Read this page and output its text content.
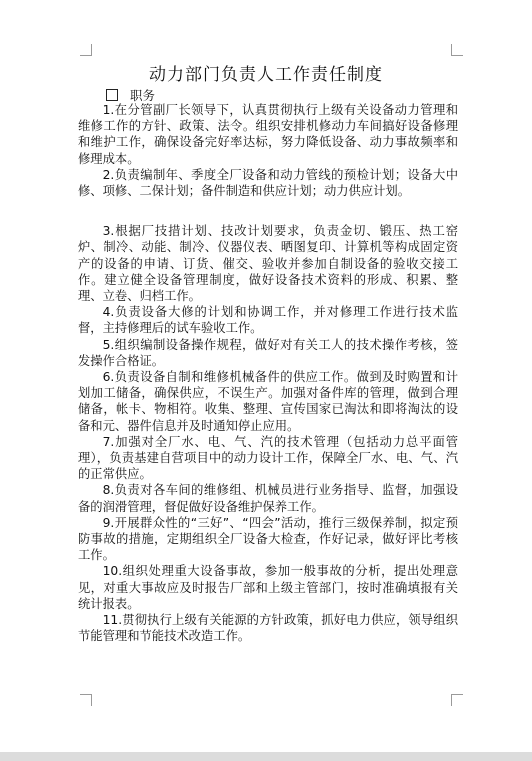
动力部门负责人工作责任制度
职务

1.在分管副厂长领导下，认真贯彻执行上级有关设备动力管理和维修工作的方针、政策、法令。组织安排机修动力车间搞好设备修理和维护工作，确保设备完好率达标，努力降低设备、动力事故频率和修理成本。

2.负责编制年、季度全厂设备和动力管线的预检计划；设备大中修、项修、二保计划；备件制造和供应计划；动力供应计划。

3.根据厂技措计划、技改计划要求，负责金切、锻压、热工窑炉、制冷、动能、制冷、仪器仪表、晒图复印、计算机等构成固定资产的设备的申请、订货、催交、验收并参加自制设备的验收交接工作。建立健全设备管理制度，做好设备技术资料的形成、积累、整理、立卷、归档工作。

4.负责设备大修的计划和协调工作，并对修理工作进行技术监督，主持修理后的试车验收工作。

5.组织编制设备操作规程，做好对有关工人的技术操作考核，签发操作合格证。

6.负责设备自制和维修机械备件的供应工作。做到及时购置和计划加工储备，确保供应，不误生产。加强对备件库的管理，做到合理储备，帐卡、物相符。收集、整理、宣传国家已淘汰和即将淘汰的设备和元、器件信息并及时通知停止应用。

7.加强对全厂水、电、气、汽的技术管理（包括动力总平面管理），负责基建自营项目中的动力设计工作，保障全厂水、电、气、汽的正常供应。

8.负责对各车间的维修组、机械员进行业务指导、监督，加强设备的润滑管理，督促做好设备维护保养工作。

9.开展群众性的“三好”、“四会”活动，推行三级保养制，拟定预防事故的措施，定期组织全厂设备大检查，作好记录，做好评比考核工作。

10.组织处理重大设备事故，参加一般事故的分析，提出处理意见，对重大事故应及时报告厂部和上级主管部门，按时准确填报有关统计报表。

11.贯彻执行上级有关能源的方针政策，抓好电力供应，领导组织节能管理和节能技术改造工作。
